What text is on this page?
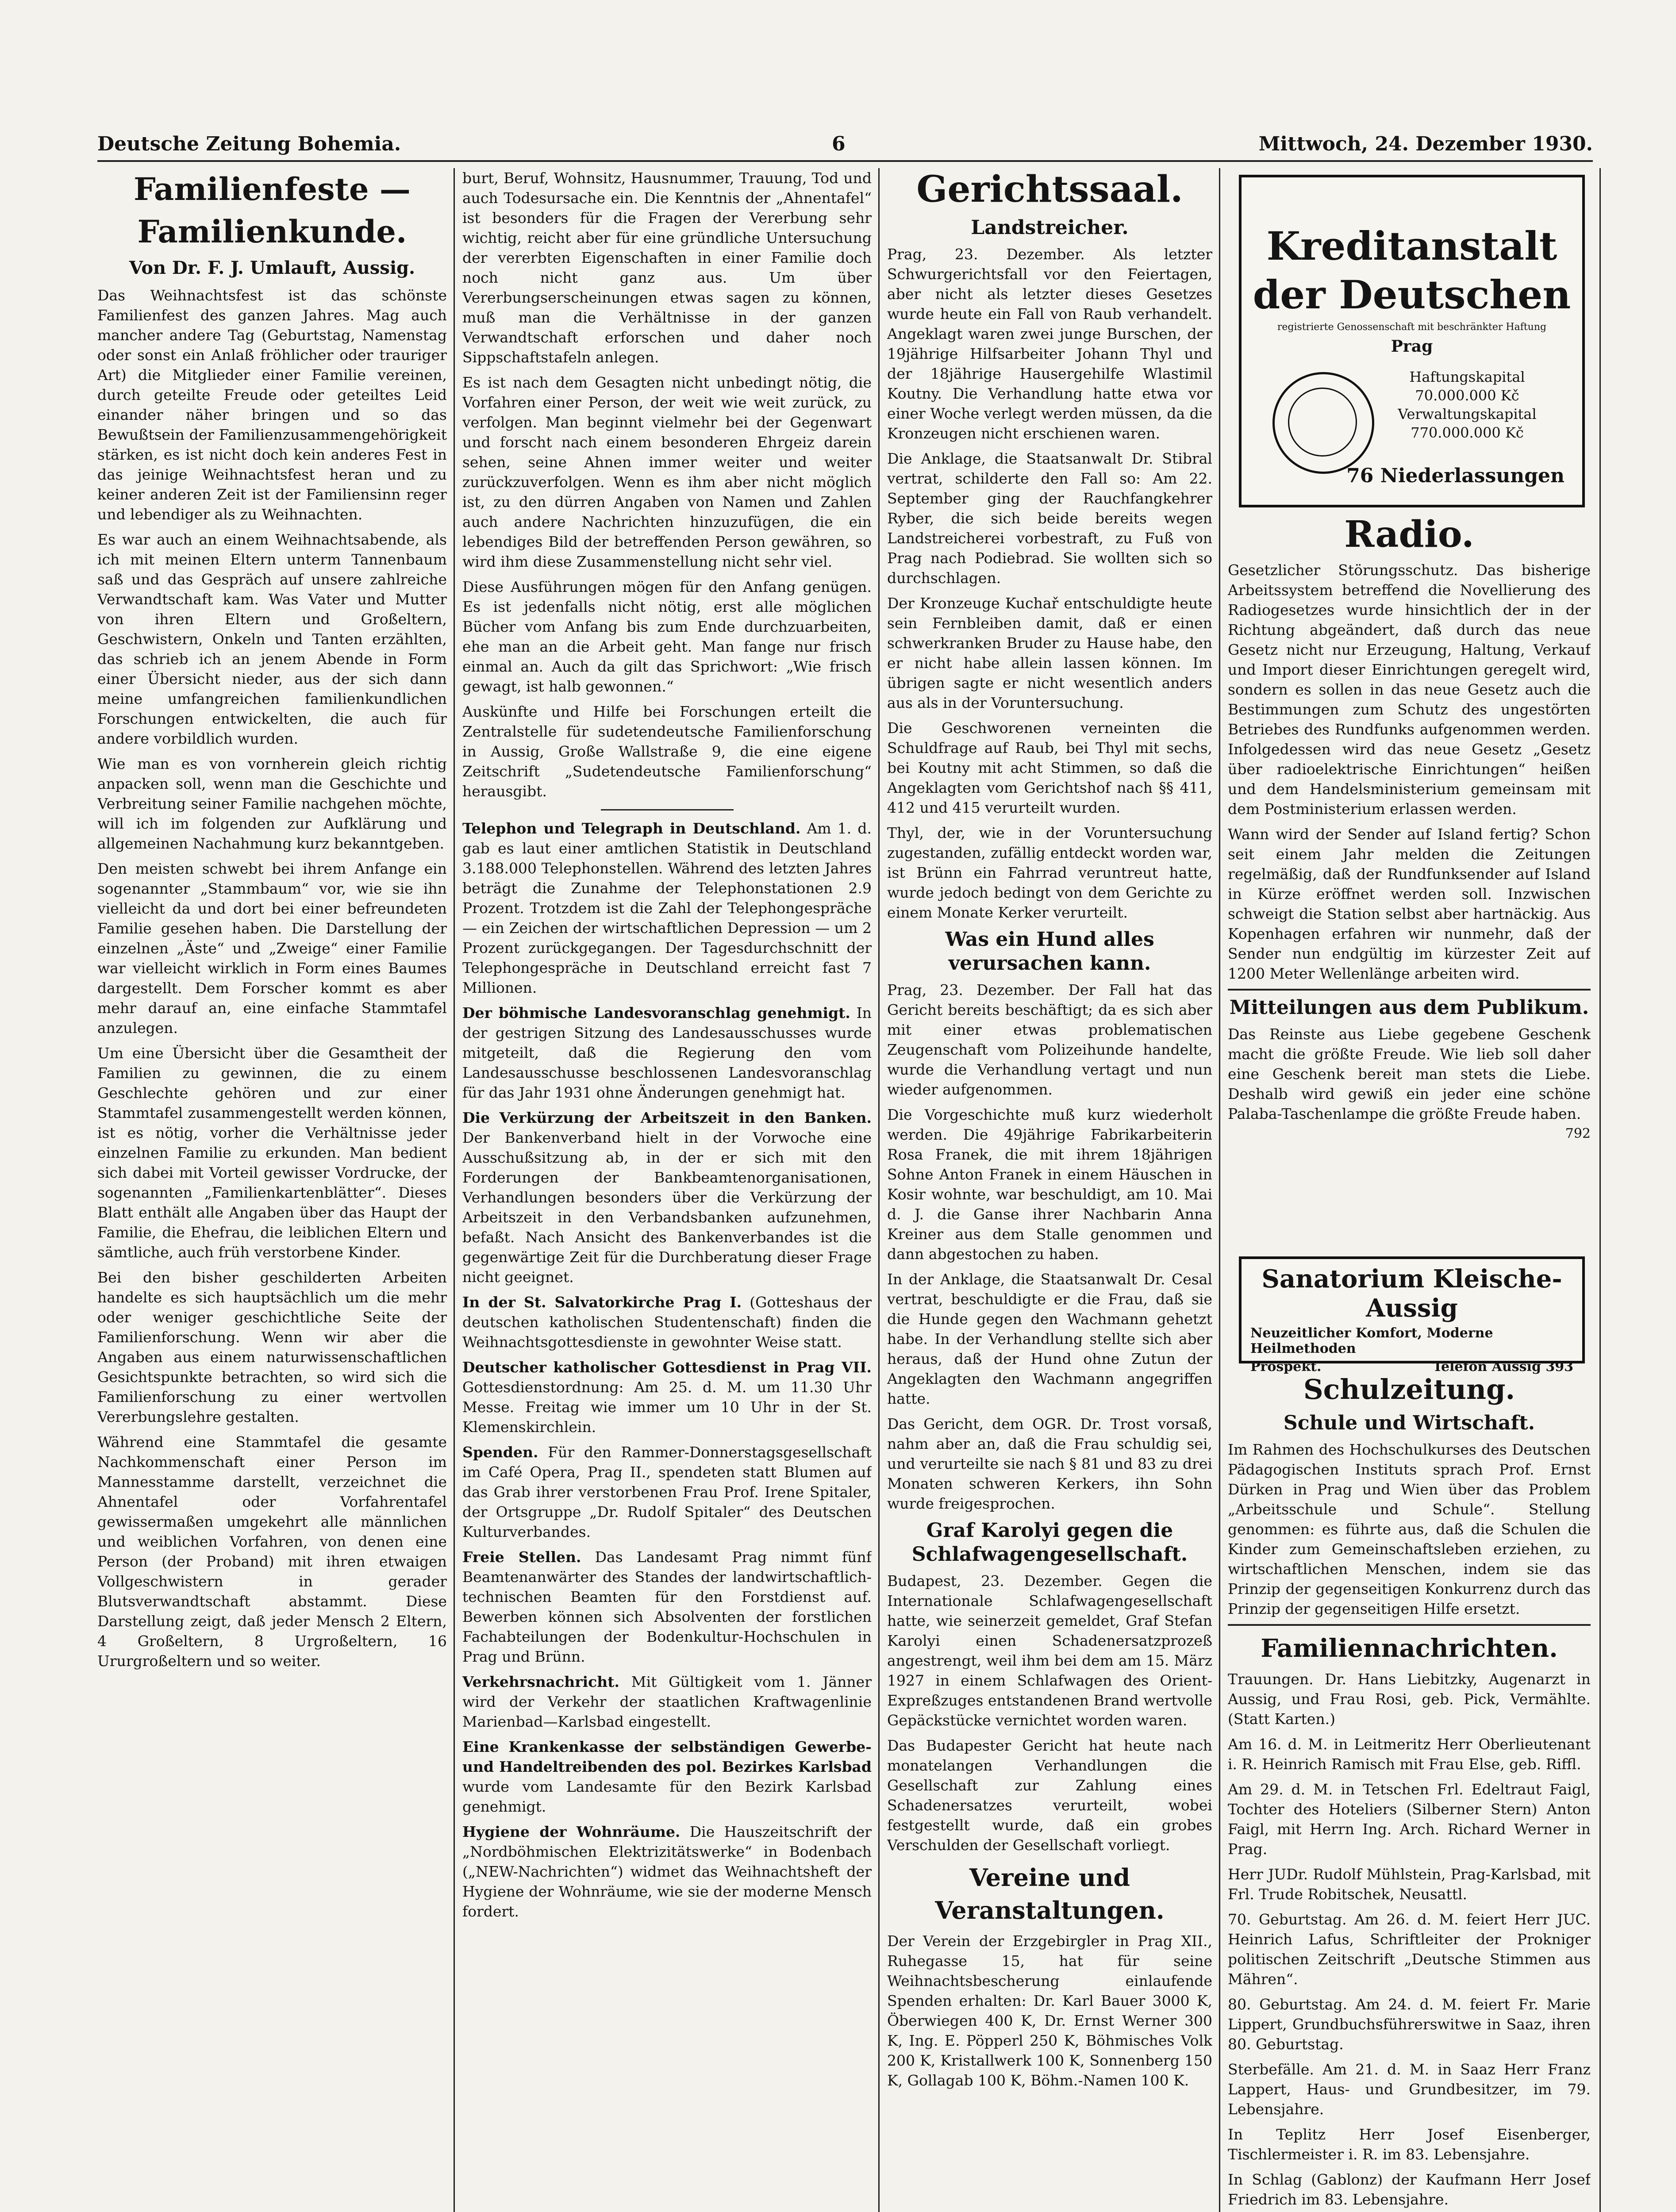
Deutsche Zeitung Bohemia.	6	Mittwoch, 24. Dezember 1930.
Familienfeste — Familienkunde.
Von Dr. F. J. Umlauft, Aussig.

Das Weihnachtsfest ist das schönste Familienfest des ganzen Jahres. Mag auch mancher andere Tag (Geburtstag, Namenstag oder sonst ein Anlaß fröhlicher oder trauriger Art) die Mitglieder einer Familie vereinen, durch geteilte Freude oder geteiltes Leid einander näher bringen und so das Bewußtsein der Familienzusammengehörigkeit stärken, es ist nicht doch kein anderes Fest in das jeinige Weihnachtsfest heran und zu keiner anderen Zeit ist der Familiensinn reger und lebendiger als zu Weihnachten.

Es war auch an einem Weihnachtsabende, als ich mit meinen Eltern unterm Tannenbaum saß und das Gespräch auf unsere zahlreiche Verwandtschaft kam. Was Vater und Mutter von ihren Eltern und Großeltern, Geschwistern, Onkeln und Tanten erzählten, das schrieb ich an jenem Abende in Form einer Übersicht nieder, aus der sich dann meine umfangreichen familienkundlichen Forschungen entwickelten, die auch für andere vorbildlich wurden.

Wie man es von vornherein gleich richtig anpacken soll, wenn man die Geschichte und Verbreitung seiner Familie nachgehen möchte, will ich im folgenden zur Aufklärung und allgemeinen Nachahmung kurz bekanntgeben.

Den meisten schwebt bei ihrem Anfange ein sogenannter „Stammbaum“ vor, wie sie ihn vielleicht da und dort bei einer befreundeten Familie gesehen haben. Die Darstellung der einzelnen „Äste“ und „Zweige“ einer Familie war vielleicht wirklich in Form eines Baumes dargestellt. Dem Forscher kommt es aber mehr darauf an, eine einfache Stammtafel anzulegen.

Um eine Übersicht über die Gesamtheit der Familien zu gewinnen, die zu einem Geschlechte gehören und zur einer Stammtafel zusammengestellt werden können, ist es nötig, vorher die Verhältnisse jeder einzelnen Familie zu erkunden. Man bedient sich dabei mit Vorteil gewisser Vordrucke, der sogenannten „Familienkartenblätter“. Dieses Blatt enthält alle Angaben über das Haupt der Familie, die Ehefrau, die leiblichen Eltern und sämtliche, auch früh verstorbene Kinder.

Bei den bisher geschilderten Arbeiten handelte es sich hauptsächlich um die mehr oder weniger geschichtliche Seite der Familienforschung. Wenn wir aber die Angaben aus einem naturwissenschaftlichen Gesichtspunkte betrachten, so wird sich die Familienforschung zu einer wertvollen Vererbungslehre gestalten.

Während eine Stammtafel die gesamte Nachkommenschaft einer Person im Mannesstamme darstellt, verzeichnet die Ahnentafel oder Vorfahrentafel gewissermaßen umgekehrt alle männlichen und weiblichen Vorfahren, von denen eine Person (der Proband) mit ihren etwaigen Vollgeschwistern in gerader Blutsverwandtschaft abstammt. Diese Darstellung zeigt, daß jeder Mensch 2 Eltern, 4 Großeltern, 8 Urgroßeltern, 16 Ururgroßeltern und so weiter.

burt, Beruf, Wohnsitz, Hausnummer, Trauung, Tod und auch Todesursache ein. Die Kenntnis der „Ahnentafel“ ist besonders für die Fragen der Vererbung sehr wichtig, reicht aber für eine gründliche Untersuchung der vererbten Eigenschaften in einer Familie doch noch nicht ganz aus. Um über Vererbungserscheinungen etwas sagen zu können, muß man die Verhältnisse in der ganzen Verwandtschaft erforschen und daher noch Sippschaftstafeln anlegen.

Es ist nach dem Gesagten nicht unbedingt nötig, die Vorfahren einer Person, der weit wie weit zurück, zu verfolgen. Man beginnt vielmehr bei der Gegenwart und forscht nach einem besonderen Ehrgeiz darein sehen, seine Ahnen immer weiter und weiter zurückzuverfolgen. Wenn es ihm aber nicht möglich ist, zu den dürren Angaben von Namen und Zahlen auch andere Nachrichten hinzuzufügen, die ein lebendiges Bild der betreffenden Person gewähren, so wird ihm diese Zusammenstellung nicht sehr viel.

Diese Ausführungen mögen für den Anfang genügen. Es ist jedenfalls nicht nötig, erst alle möglichen Bücher vom Anfang bis zum Ende durchzuarbeiten, ehe man an die Arbeit geht. Man fange nur frisch einmal an. Auch da gilt das Sprichwort: „Wie frisch gewagt, ist halb gewonnen.“

Auskünfte und Hilfe bei Forschungen erteilt die Zentralstelle für sudetendeutsche Familienforschung in Aussig, Große Wallstraße 9, die eine eigene Zeitschrift „Sudetendeutsche Familienforschung“ herausgibt.

Telephon und Telegraph in Deutschland. Am 1. d. gab es laut einer amtlichen Statistik in Deutschland 3.188.000 Telephonstellen. Während des letzten Jahres beträgt die Zunahme der Telephonstationen 2.9 Prozent. Trotzdem ist die Zahl der Telephongespräche — ein Zeichen der wirtschaftlichen Depression — um 2 Prozent zurückgegangen. Der Tagesdurchschnitt der Telephongespräche in Deutschland erreicht fast 7 Millionen.

Der böhmische Landesvoranschlag genehmigt. In der gestrigen Sitzung des Landesausschusses wurde mitgeteilt, daß die Regierung den vom Landesausschusse beschlossenen Landesvoranschlag für das Jahr 1931 ohne Änderungen genehmigt hat.

Die Verkürzung der Arbeitszeit in den Banken. Der Bankenverband hielt in der Vorwoche eine Ausschußsitzung ab, in der er sich mit den Forderungen der Bankbeamtenorganisationen, Verhandlungen besonders über die Verkürzung der Arbeitszeit in den Verbandsbanken aufzunehmen, befaßt. Nach Ansicht des Bankenverbandes ist die gegenwärtige Zeit für die Durchberatung dieser Frage nicht geeignet.

In der St. Salvatorkirche Prag I. (Gotteshaus der deutschen katholischen Studentenschaft) finden die Weihnachtsgottesdienste in gewohnter Weise statt.

Deutscher katholischer Gottesdienst in Prag VII. Gottesdienstordnung: Am 25. d. M. um 11.30 Uhr Messe. Freitag wie immer um 10 Uhr in der St. Klemenskirchlein.

Spenden. Für den Rammer-Donnerstagsgesellschaft im Café Opera, Prag II., spendeten statt Blumen auf das Grab ihrer verstorbenen Frau Prof. Irene Spitaler, der Ortsgruppe „Dr. Rudolf Spitaler“ des Deutschen Kulturverbandes.

Freie Stellen. Das Landesamt Prag nimmt fünf Beamtenanwärter des Standes der landwirtschaftlich-technischen Beamten für den Forstdienst auf. Bewerben können sich Absolventen der forstlichen Fachabteilungen der Bodenkultur-Hochschulen in Prag und Brünn.

Verkehrsnachricht. Mit Gültigkeit vom 1. Jänner wird der Verkehr der staatlichen Kraftwagenlinie Marienbad—Karlsbad eingestellt.

Eine Krankenkasse der selbständigen Gewerbe- und Handeltreibenden des pol. Bezirkes Karlsbad wurde vom Landesamte für den Bezirk Karlsbad genehmigt.

Hygiene der Wohnräume. Die Hauszeitschrift der „Nordböhmischen Elektrizitätswerke“ in Bodenbach („NEW-Nachrichten“) widmet das Weihnachtsheft der Hygiene der Wohnräume, wie sie der moderne Mensch fordert.

Gerichtssaal.
Landstreicher.

Prag, 23. Dezember. Als letzter Schwurgerichtsfall vor den Feiertagen, aber nicht als letzter dieses Gesetzes wurde heute ein Fall von Raub verhandelt. Angeklagt waren zwei junge Burschen, der 19jährige Hilfsarbeiter Johann Thyl und der 18jährige Hausergehilfe Wlastimil Koutny. Die Verhandlung hatte etwa vor einer Woche verlegt werden müssen, da die Kronzeugen nicht erschienen waren.

Die Anklage, die Staatsanwalt Dr. Stibral vertrat, schilderte den Fall so: Am 22. September ging der Rauchfangkehrer Ryber, die sich beide bereits wegen Landstreicherei vorbestraft, zu Fuß von Prag nach Podiebrad. Sie wollten sich so durchschlagen.

Der Kronzeuge Kuchař entschuldigte heute sein Fernbleiben damit, daß er einen schwerkranken Bruder zu Hause habe, den er nicht habe allein lassen können. Im übrigen sagte er nicht wesentlich anders aus als in der Voruntersuchung.

Die Geschworenen verneinten die Schuldfrage auf Raub, bei Thyl mit sechs, bei Koutny mit acht Stimmen, so daß die Angeklagten vom Gerichtshof nach §§ 411, 412 und 415 verurteilt wurden.

Thyl, der, wie in der Voruntersuchung zugestanden, zufällig entdeckt worden war, ist Brünn ein Fahrrad veruntreut hatte, wurde jedoch bedingt von dem Gerichte zu einem Monate Kerker verurteilt.

Was ein Hund alles verursachen kann.

Prag, 23. Dezember. Der Fall hat das Gericht bereits beschäftigt; da es sich aber mit einer etwas problematischen Zeugenschaft vom Polizeihunde handelte, wurde die Verhandlung vertagt und nun wieder aufgenommen.

Die Vorgeschichte muß kurz wiederholt werden. Die 49jährige Fabrikarbeiterin Rosa Franek, die mit ihrem 18jährigen Sohne Anton Franek in einem Häuschen in Kosir wohnte, war beschuldigt, am 10. Mai d. J. die Ganse ihrer Nachbarin Anna Kreiner aus dem Stalle genommen und dann abgestochen zu haben.

In der Anklage, die Staatsanwalt Dr. Cesal vertrat, beschuldigte er die Frau, daß sie die Hunde gegen den Wachmann gehetzt habe. In der Verhandlung stellte sich aber heraus, daß der Hund ohne Zutun der Angeklagten den Wachmann angegriffen hatte.

Das Gericht, dem OGR. Dr. Trost vorsaß, nahm aber an, daß die Frau schuldig sei, und verurteilte sie nach § 81 und 83 zu drei Monaten schweren Kerkers, ihn Sohn wurde freigesprochen.

Graf Karolyi gegen die Schlafwagengesellschaft.

Budapest, 23. Dezember. Gegen die Internationale Schlafwagengesellschaft hatte, wie seinerzeit gemeldet, Graf Stefan Karolyi einen Schadenersatzprozeß angestrengt, weil ihm bei dem am 15. März 1927 in einem Schlafwagen des Orient-Expreßzuges entstandenen Brand wertvolle Gepäckstücke vernichtet worden waren.

Das Budapester Gericht hat heute nach monatelangen Verhandlungen die Gesellschaft zur Zahlung eines Schadenersatzes verurteilt, wobei festgestellt wurde, daß ein grobes Verschulden der Gesellschaft vorliegt.

Vereine und Veranstaltungen.

Der Verein der Erzgebirgler in Prag XII., Ruhegasse 15, hat für seine Weihnachtsbescherung einlaufende Spenden erhalten: Dr. Karl Bauer 3000 K, Öberwiegen 400 K, Dr. Ernst Werner 300 K, Ing. E. Pöpperl 250 K, Böhmisches Volk 200 K, Kristallwerk 100 K, Sonnenberg 150 K, Gollagab 100 K, Böhm.-Namen 100 K.

Kreditanstalt
der Deutschen
registrierte Genossenschaft mit beschränkter Haftung
Prag
Haftungskapital 70.000.000 Kč Verwaltungskapital 770.000.000 Kč
76 Niederlassungen
Radio.

Gesetzlicher Störungsschutz. Das bisherige Arbeitssystem betreffend die Novellierung des Radiogesetzes wurde hinsichtlich der in der Richtung abgeändert, daß durch das neue Gesetz nicht nur Erzeugung, Haltung, Verkauf und Import dieser Einrichtungen geregelt wird, sondern es sollen in das neue Gesetz auch die Bestimmungen zum Schutz des ungestörten Betriebes des Rundfunks aufgenommen werden. Infolgedessen wird das neue Gesetz „Gesetz über radioelektrische Einrichtungen“ heißen und dem Handelsministerium gemeinsam mit dem Postministerium erlassen werden.

Wann wird der Sender auf Island fertig? Schon seit einem Jahr melden die Zeitungen regelmäßig, daß der Rundfunksender auf Island in Kürze eröffnet werden soll. Inzwischen schweigt die Station selbst aber hartnäckig. Aus Kopenhagen erfahren wir nunmehr, daß der Sender nun endgültig im kürzester Zeit auf 1200 Meter Wellenlänge arbeiten wird.

Mitteilungen aus dem Publikum.

Das Reinste aus Liebe gegebene Geschenk macht die größte Freude. Wie lieb soll daher eine Geschenk bereit man stets die Liebe. Deshalb wird gewiß ein jeder eine schöne Palaba-Taschenlampe die größte Freude haben.
792

Sanatorium Kleische-Aussig
Neuzeitlicher Komfort, Moderne Heilmethoden
Prospekt.	Telefon Aussig 393
Schulzeitung.
Schule und Wirtschaft.

Im Rahmen des Hochschulkurses des Deutschen Pädagogischen Instituts sprach Prof. Ernst Dürken in Prag und Wien über das Problem „Arbeitsschule und Schule“. Stellung genommen: es führte aus, daß die Schulen die Kinder zum Gemeinschaftsleben erziehen, zu wirtschaftlichen Menschen, indem sie das Prinzip der gegenseitigen Konkurrenz durch das Prinzip der gegenseitigen Hilfe ersetzt.

Familiennachrichten.

Trauungen. Dr. Hans Liebitzky, Augenarzt in Aussig, und Frau Rosi, geb. Pick, Vermählte. (Statt Karten.)

Am 16. d. M. in Leitmeritz Herr Oberlieutenant i. R. Heinrich Ramisch mit Frau Else, geb. Riffl.

Am 29. d. M. in Tetschen Frl. Edeltraut Faigl, Tochter des Hoteliers (Silberner Stern) Anton Faigl, mit Herrn Ing. Arch. Richard Werner in Prag.

Herr JUDr. Rudolf Mühlstein, Prag-Karlsbad, mit Frl. Trude Robitschek, Neusattl.

70. Geburtstag. Am 26. d. M. feiert Herr JUC. Heinrich Lafus, Schriftleiter der Prokniger politischen Zeitschrift „Deutsche Stimmen aus Mähren“.

80. Geburtstag. Am 24. d. M. feiert Fr. Marie Lippert, Grundbuchsführerswitwe in Saaz, ihren 80. Geburtstag.

Sterbefälle. Am 21. d. M. in Saaz Herr Franz Lappert, Haus- und Grundbesitzer, im 79. Lebensjahre.

In Teplitz Herr Josef Eisenberger, Tischlermeister i. R. im 83. Lebensjahre.

In Schlag (Gablonz) der Kaufmann Herr Josef Friedrich im 83. Lebensjahre.
